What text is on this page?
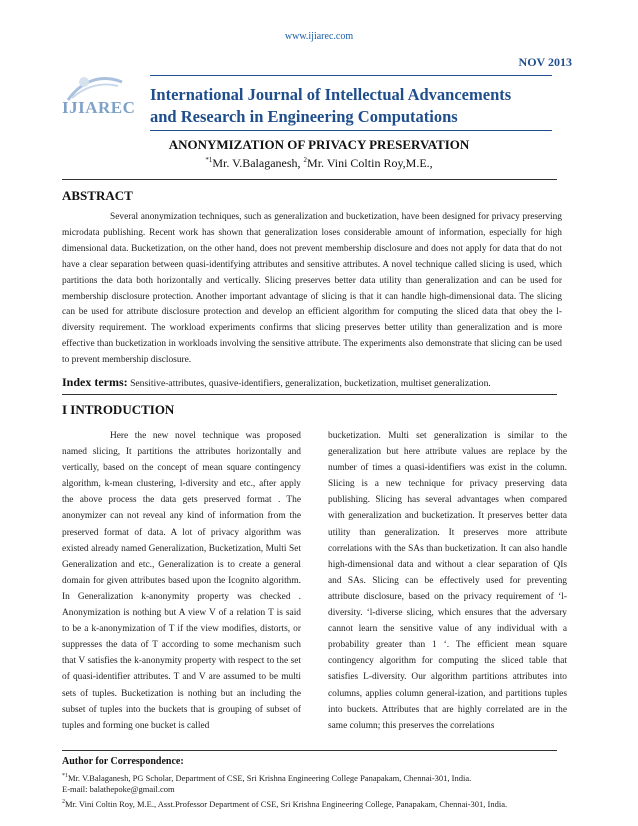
www.ijiarec.com
NOV 2013
IJIAREC
International Journal of Intellectual Advancements
and Research in Engineering Computations
ANONYMIZATION OF PRIVACY PRESERVATION
$^{*1}$Mr. V.Balaganesh, $^2$Mr. Vini Coltin Roy,M.E.,
ABSTRACT
Several anonymization techniques, such as generalization and bucketization, have been designed for privacy preserving microdata publishing. Recent work has shown that generalization loses considerable amount of information, especially for high dimensional data. Bucketization, on the other hand, does not prevent membership disclosure and does not apply for data that do not have a clear separation between quasi-identifying attributes and sensitive attributes. A novel technique called slicing is used, which partitions the data both horizontally and vertically. Slicing preserves better data utility than generalization and can be used for membership disclosure protection. Another important advantage of slicing is that it can handle high-dimensional data. The slicing can be used for attribute disclosure protection and develop an efficient algorithm for computing the sliced data that obey the l-diversity requirement. The workload experiments confirms that slicing preserves better utility than generalization and is more effective than bucketization in workloads involving the sensitive attribute. The experiments also demonstrate that slicing can be used to prevent membership disclosure.
Index terms: Sensitive-attributes, quasive-identifiers, generalization, bucketization, multiset generalization.
I INTRODUCTION
Here the new novel technique was proposed named slicing, It partitions the attributes horizontally and vertically, based on the concept of mean square contingency algorithm, k-mean clustering, l-diversity and etc., after apply the above process the data gets preserved format . The anonymizer can not reveal any kind of information from the preserved format of data. A lot of privacy algorithm was existed already named Generalization, Bucketization, Multi Set Generalization and etc., Generalization is to create a general domain for given attributes based upon the Icognito algorithm. In Generalization k-anonymity property was checked . Anonymization is nothing but A view V of a relation T is said to be a k-anonymization of T if the view modifies, distorts, or suppresses the data of T according to some mechanism such that V satisfies the k-anonymity property with respect to the set of quasi-identifier attributes. T and V are assumed to be multi sets of tuples. Bucketization is nothing but an including the subset of tuples into the buckets that is grouping of subset of tuples and forming one bucket is called
bucketization. Multi set generalization is similar to the generalization but here attribute values are replace by the number of times a quasi-identifiers was exist in the column. Slicing is a new technique for privacy preserving data publishing. Slicing has several advantages when compared with generalization and bucketization. It preserves better data utility than generalization. It preserves more attribute correlations with the SAs than bucketization. It can also handle high-dimensional data and without a clear separation of QIs and SAs. Slicing can be effectively used for preventing attribute disclosure, based on the privacy requirement of ‘l-diversity. ‘l-diverse slicing, which ensures that the adversary cannot learn the sensitive value of any individual with a probability greater than 1 ‘. The efficient mean square contingency algorithm for computing the sliced table that satisfies L-diversity. Our algorithm partitions attributes into columns, applies column general-ization, and partitions tuples into buckets. Attributes that are highly correlated are in the same column; this preserves the correlations
Author for Correspondence:
$^{*1}$Mr. V.Balaganesh, PG Scholar, Department of CSE, Sri Krishna Engineering College Panapakam, Chennai-301, India.
E-mail: balathepoke@gmail.com
$^2$Mr. Vini Coltin Roy, M.E., Asst.Professor Department of CSE, Sri Krishna Engineering College, Panapakam, Chennai-301, India.
